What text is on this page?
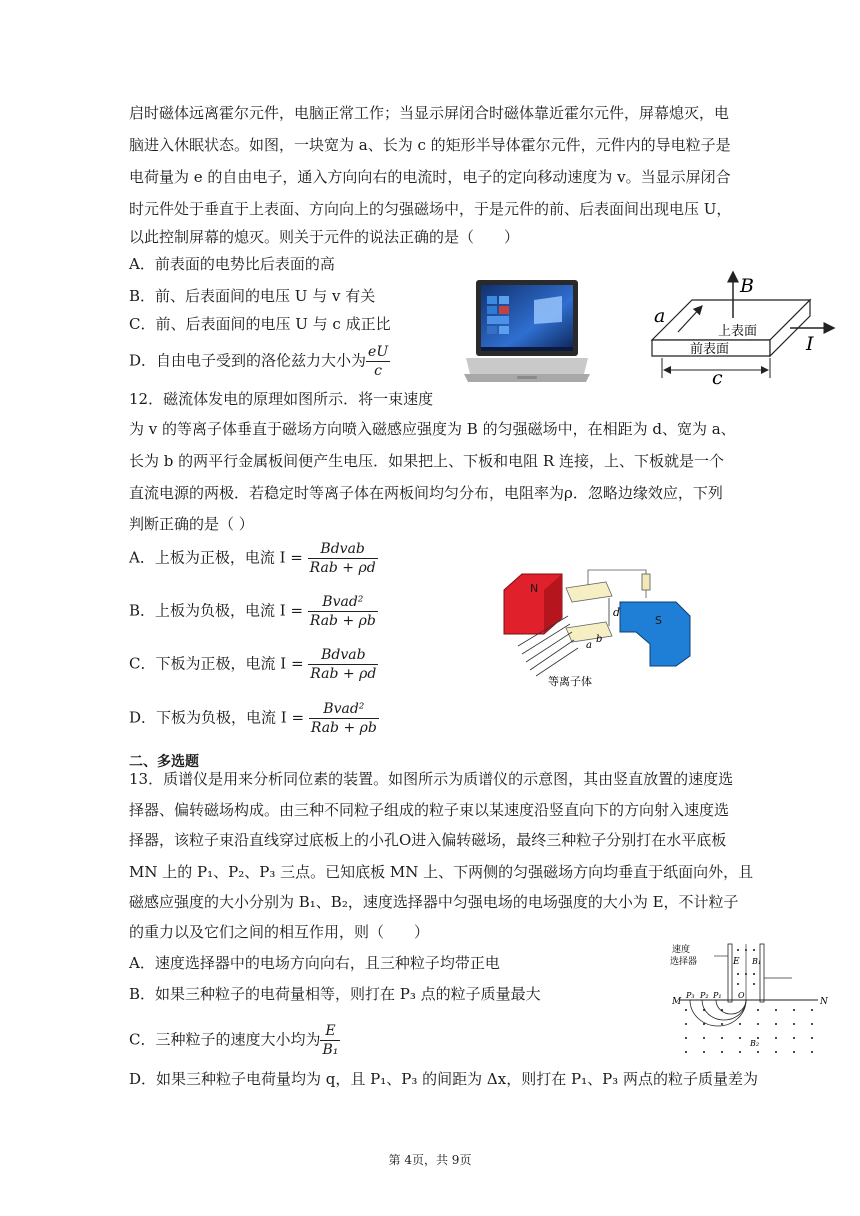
启时磁体远离霍尔元件，电脑正常工作；当显示屏闭合时磁体靠近霍尔元件，屏幕熄灭，电
脑进入休眠状态。如图，一块宽为 a、长为 c 的矩形半导体霍尔元件，元件内的导电粒子是
电荷量为 e 的自由电子，通入方向向右的电流时，电子的定向移动速度为 v。当显示屏闭合
时元件处于垂直于上表面、方向向上的匀强磁场中，于是元件的前、后表面间出现电压 U，
以此控制屏幕的熄灭。则关于元件的说法正确的是（　　）
A．前表面的电势比后表面的高
B．前、后表面间的电压 U 与 v 有关
C．前、后表面间的电压 U 与 c 成正比
D．自由电子受到的洛伦兹力大小为 $\frac{eU}{c}$
B
a
上表面
前表面	I
c
12．磁流体发电的原理如图所示．将一束速度
为 v 的等离子体垂直于磁场方向喷入磁感应强度为 B 的匀强磁场中，在相距为 d、宽为 a、
长为 b 的两平行金属板间便产生电压．如果把上、下板和电阻 R 连接，上、下板就是一个
直流电源的两极．若稳定时等离子体在两板间均匀分布，电阻率为ρ．忽略边缘效应，下列
判断正确的是（ ）
A．上板为正极，电流 $I = \frac{\text{Bdvab}}{\text{Rab + ρd}}$
B．上板为负极，电流 $I = \frac{\text{Bvad²}}{\text{Rab + ρb}}$
C．下板为正极，电流 $I = \frac{\text{Bdvab}}{\text{Rab + ρd}}$
D．下板为负极，电流 $I = \frac{\text{Bvad²}}{\text{Rab + ρb}}$
N
S
d
a
b
等离子体
二、多选题
13．质谱仪是用来分析同位素的装置。如图所示为质谱仪的示意图，其由竖直放置的速度选
择器、偏转磁场构成。由三种不同粒子组成的粒子束以某速度沿竖直向下的方向射入速度选
择器，该粒子束沿直线穿过底板上的小孔O进入偏转磁场，最终三种粒子分别打在水平底板
MN 上的 P₁、P₂、P₃ 三点。已知底板 MN 上、下两侧的匀强磁场方向均垂直于纸面向外，且
磁感应强度的大小分别为 B₁、B₂，速度选择器中匀强电场的电场强度的大小为 E，不计粒子
的重力以及它们之间的相互作用，则（　　）
A．速度选择器中的电场方向向右，且三种粒子均带正电
B．如果三种粒子的电荷量相等，则打在 P₃ 点的粒子质量最大
C．三种粒子的速度大小均为 $\frac{E}{\text{B₁}}$
D．如果三种粒子电荷量均为 q，且 P₁、P₃ 的间距为 Δx，则打在 P₁、P₃ 两点的粒子质量差为
速度
选择器	E B₁
M
P₃ P₂ P₁ O
N
B₂
第 4页，共 9页
